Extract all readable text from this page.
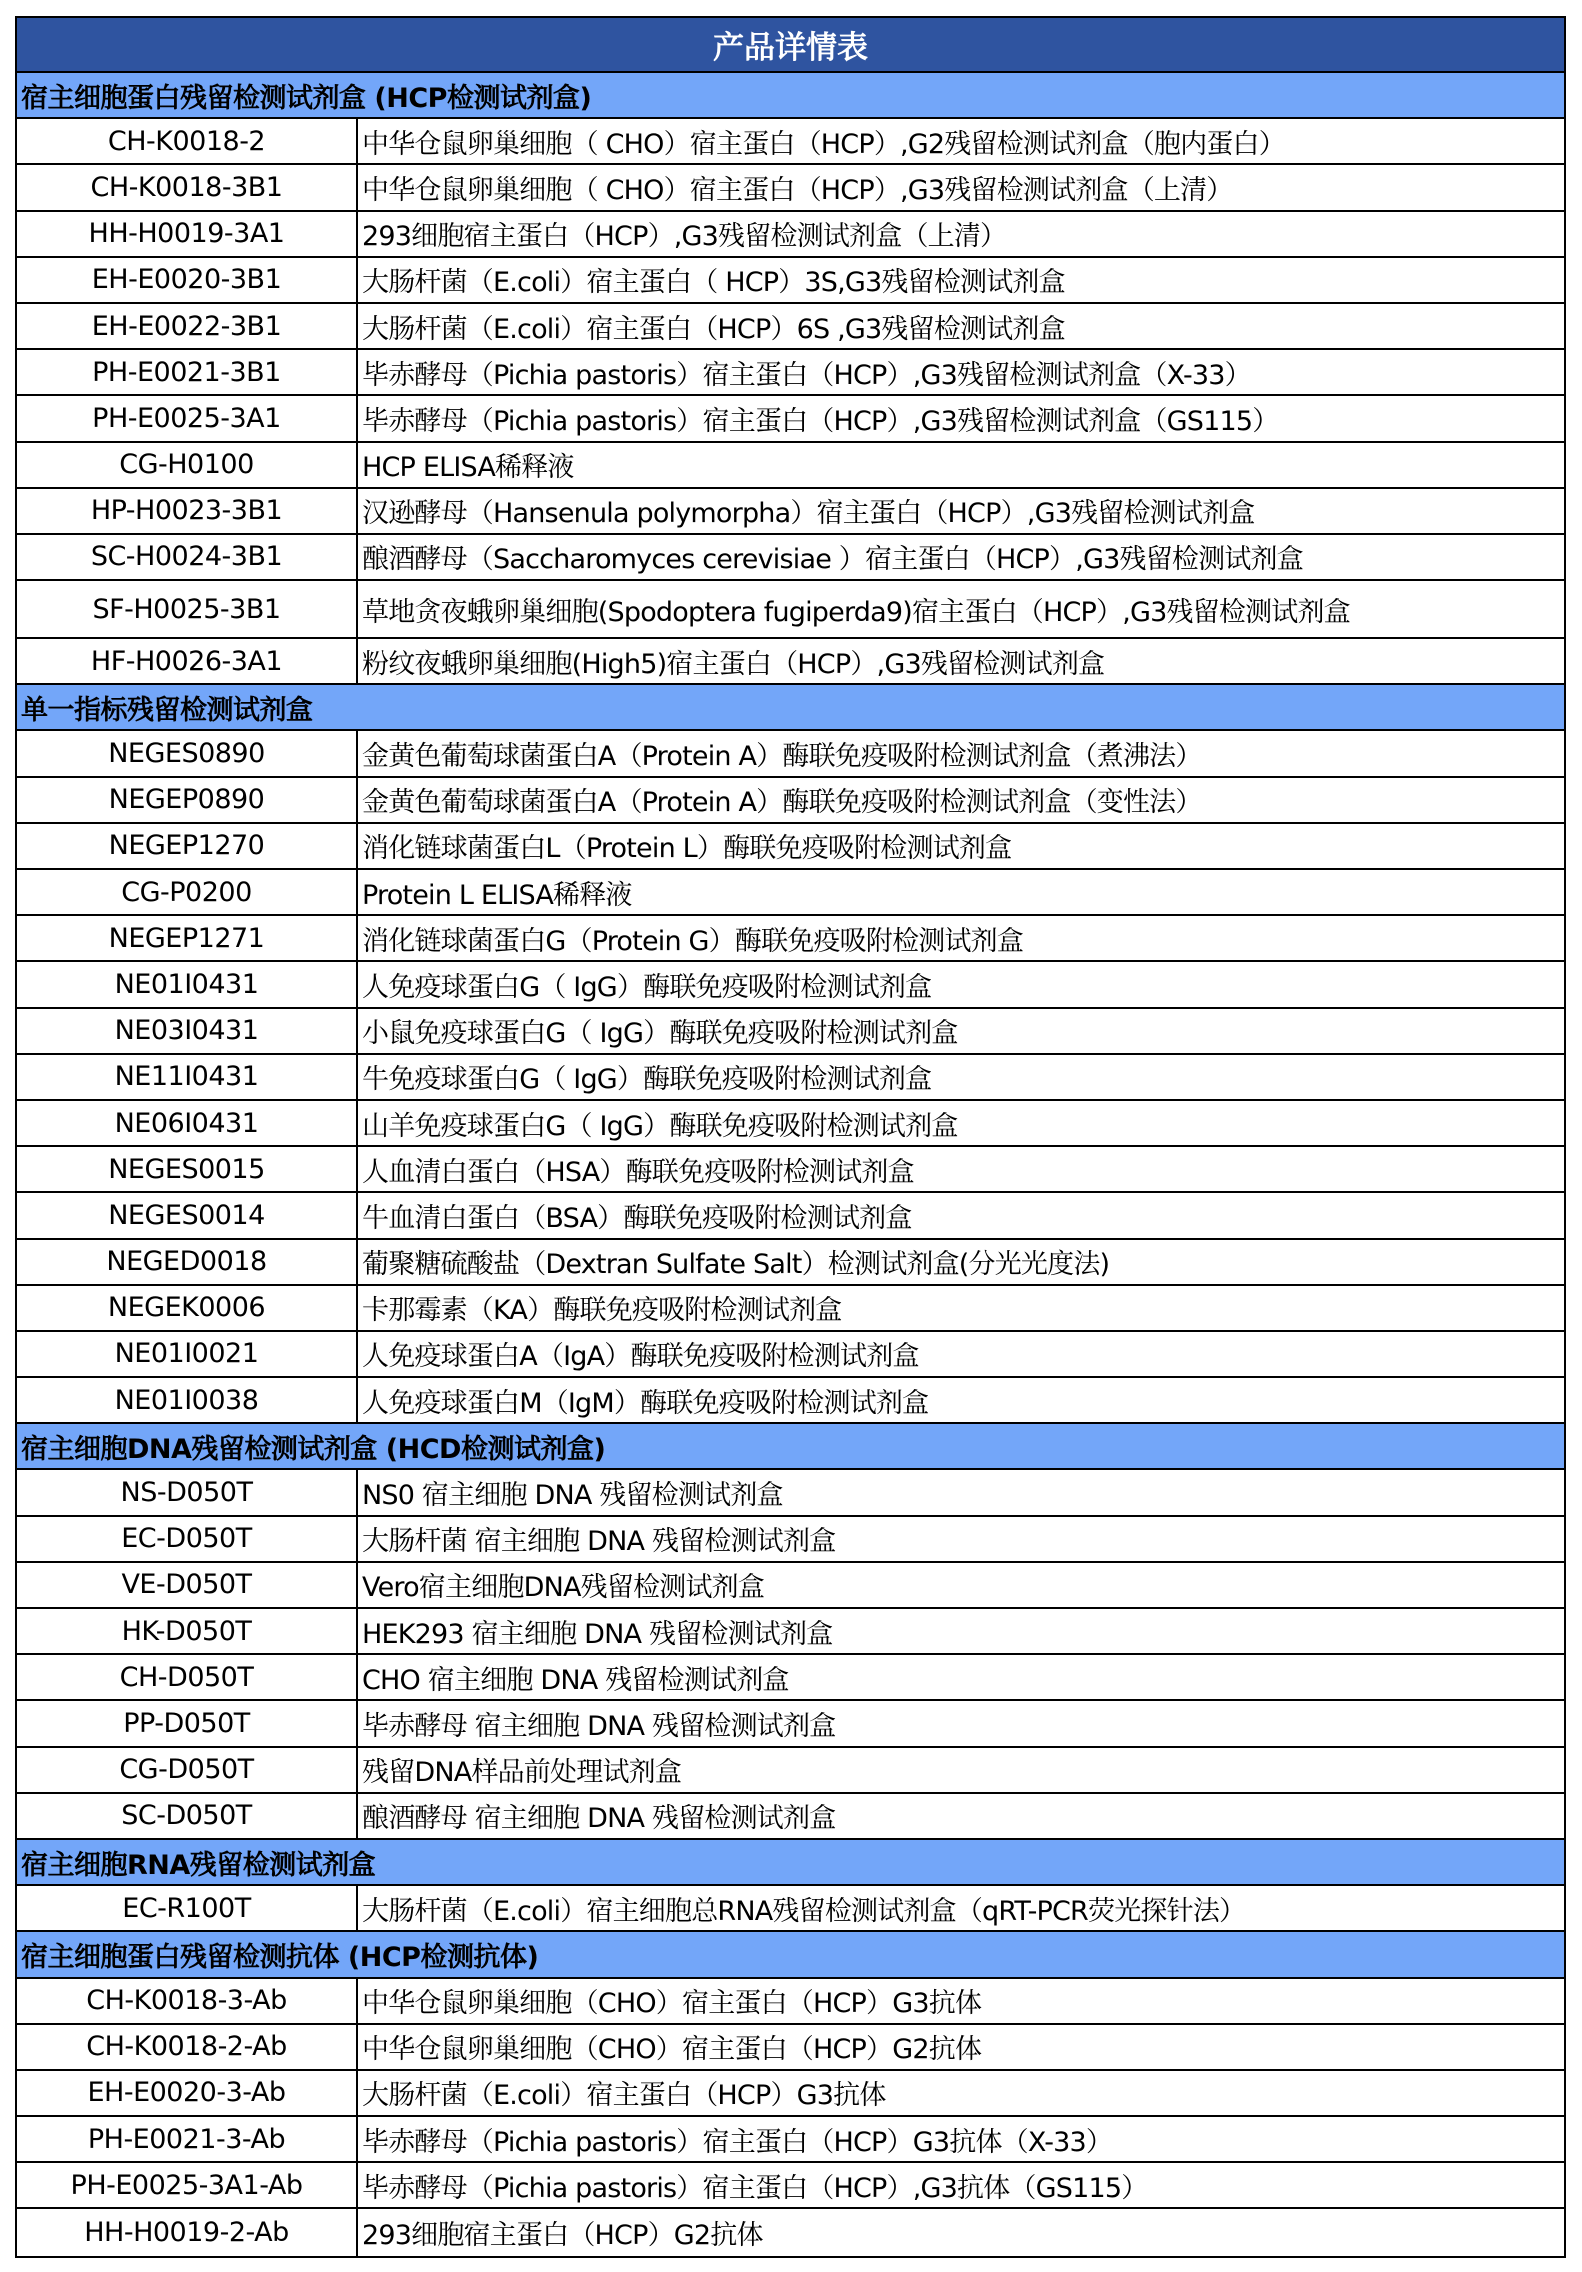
产品详情表
宿主细胞蛋白残留检测试剂盒 (HCP检测试剂盒)
CH-K0018-2	中华仓鼠卵巢细胞（ CHO）宿主蛋白（HCP）,G2残留检测试剂盒（胞内蛋白）
CH-K0018-3B1	中华仓鼠卵巢细胞（ CHO）宿主蛋白（HCP）,G3残留检测试剂盒（上清）
HH-H0019-3A1	293细胞宿主蛋白（HCP）,G3残留检测试剂盒（上清）
EH-E0020-3B1	大肠杆菌（E.coli）宿主蛋白（ HCP）3S,G3残留检测试剂盒
EH-E0022-3B1	大肠杆菌（E.coli）宿主蛋白（HCP）6S ,G3残留检测试剂盒
PH-E0021-3B1	毕赤酵母（Pichia pastoris）宿主蛋白（HCP）,G3残留检测试剂盒（X-33）
PH-E0025-3A1	毕赤酵母（Pichia pastoris）宿主蛋白（HCP）,G3残留检测试剂盒（GS115）
CG-H0100	HCP ELISA稀释液
HP-H0023-3B1	汉逊酵母（Hansenula polymorpha）宿主蛋白（HCP）,G3残留检测试剂盒
SC-H0024-3B1	酿酒酵母（Saccharomyces cerevisiae ）宿主蛋白（HCP）,G3残留检测试剂盒
SF-H0025-3B1	草地贪夜蛾卵巢细胞(Spodoptera fugiperda9)宿主蛋白（HCP）,G3残留检测试剂盒
HF-H0026-3A1	粉纹夜蛾卵巢细胞(High5)宿主蛋白（HCP）,G3残留检测试剂盒
单一指标残留检测试剂盒
NEGES0890	金黄色葡萄球菌蛋白A（Protein A）酶联免疫吸附检测试剂盒（煮沸法）
NEGEP0890	金黄色葡萄球菌蛋白A（Protein A）酶联免疫吸附检测试剂盒（变性法）
NEGEP1270	消化链球菌蛋白L（Protein L）酶联免疫吸附检测试剂盒
CG-P0200	Protein L ELISA稀释液
NEGEP1271	消化链球菌蛋白G（Protein G）酶联免疫吸附检测试剂盒
NE01I0431	人免疫球蛋白G（ IgG）酶联免疫吸附检测试剂盒
NE03I0431	小鼠免疫球蛋白G（ IgG）酶联免疫吸附检测试剂盒
NE11I0431	牛免疫球蛋白G（ IgG）酶联免疫吸附检测试剂盒
NE06I0431	山羊免疫球蛋白G（ IgG）酶联免疫吸附检测试剂盒
NEGES0015	人血清白蛋白（HSA）酶联免疫吸附检测试剂盒
NEGES0014	牛血清白蛋白（BSA）酶联免疫吸附检测试剂盒
NEGED0018	葡聚糖硫酸盐（Dextran Sulfate Salt）检测试剂盒(分光光度法)
NEGEK0006	卡那霉素（KA）酶联免疫吸附检测试剂盒
NE01I0021	人免疫球蛋白A（IgA）酶联免疫吸附检测试剂盒
NE01I0038	人免疫球蛋白M（IgM）酶联免疫吸附检测试剂盒
宿主细胞DNA残留检测试剂盒 (HCD检测试剂盒)
NS-D050T	NS0 宿主细胞 DNA 残留检测试剂盒
EC-D050T	大肠杆菌 宿主细胞 DNA 残留检测试剂盒
VE-D050T	Vero宿主细胞DNA残留检测试剂盒
HK-D050T	HEK293 宿主细胞 DNA 残留检测试剂盒
CH-D050T	CHO 宿主细胞 DNA 残留检测试剂盒
PP-D050T	毕赤酵母 宿主细胞 DNA 残留检测试剂盒
CG-D050T	残留DNA样品前处理试剂盒
SC-D050T	酿酒酵母 宿主细胞 DNA 残留检测试剂盒
宿主细胞RNA残留检测试剂盒
EC-R100T	大肠杆菌（E.coli）宿主细胞总RNA残留检测试剂盒（qRT-PCR荧光探针法）
宿主细胞蛋白残留检测抗体 (HCP检测抗体)
CH-K0018-3-Ab	中华仓鼠卵巢细胞（CHO）宿主蛋白（HCP）G3抗体
CH-K0018-2-Ab	中华仓鼠卵巢细胞（CHO）宿主蛋白（HCP）G2抗体
EH-E0020-3-Ab	大肠杆菌（E.coli）宿主蛋白（HCP）G3抗体
PH-E0021-3-Ab	毕赤酵母（Pichia pastoris）宿主蛋白（HCP）G3抗体（X-33）
PH-E0025-3A1-Ab	毕赤酵母（Pichia pastoris）宿主蛋白（HCP）,G3抗体（GS115）
HH-H0019-2-Ab	293细胞宿主蛋白（HCP）G2抗体
